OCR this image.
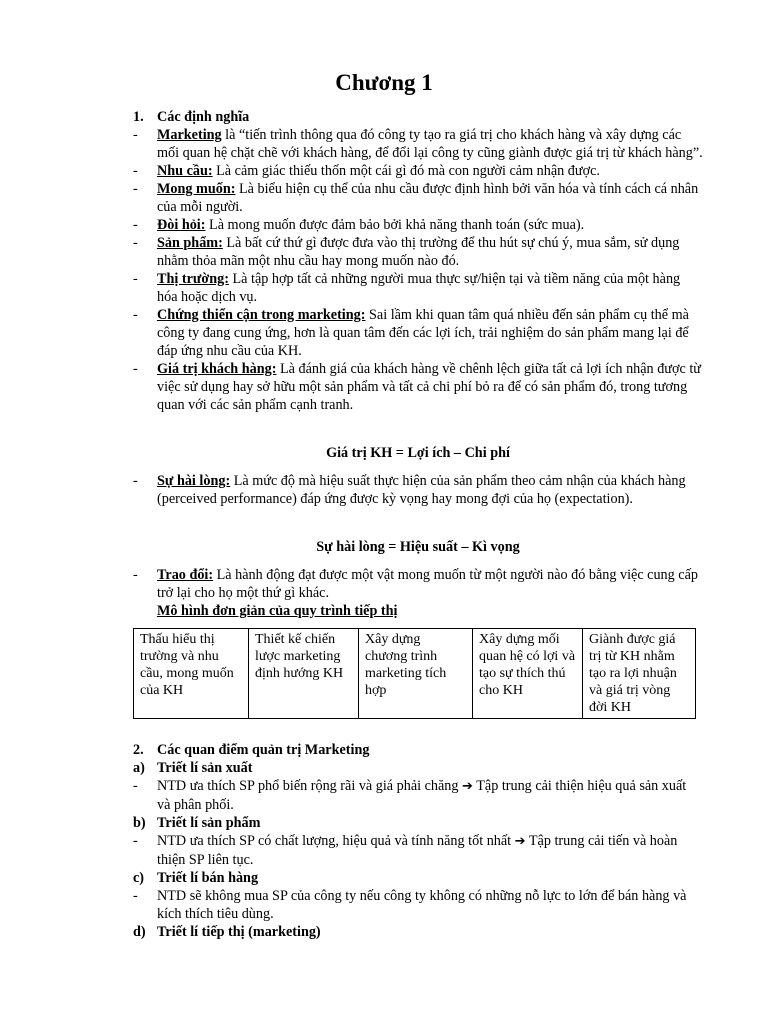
Chương 1
1. Các định nghĩa
- Marketing là “tiến trình thông qua đó công ty tạo ra giá trị cho khách hàng và xây dựng các mối quan hệ chặt chẽ với khách hàng, để đổi lại công ty cũng giành được giá trị từ khách hàng”.
- Nhu cầu: Là cảm giác thiếu thốn một cái gì đó mà con người cảm nhận được.
- Mong muốn: Là biểu hiện cụ thể của nhu cầu được định hình bởi văn hóa và tính cách cá nhân của mỗi người.
- Đòi hỏi: Là mong muốn được đảm bảo bởi khả năng thanh toán (sức mua).
- Sản phẩm: Là bất cứ thứ gì được đưa vào thị trường để thu hút sự chú ý, mua sắm, sử dụng nhằm thỏa mãn một nhu cầu hay mong muốn nào đó.
- Thị trường: Là tập hợp tất cả những người mua thực sự/hiện tại và tiềm năng của một hàng hóa hoặc dịch vụ.
- Chứng thiển cận trong marketing: Sai lầm khi quan tâm quá nhiều đến sản phẩm cụ thể mà công ty đang cung ứng, hơn là quan tâm đến các lợi ích, trải nghiệm do sản phẩm mang lại để đáp ứng nhu cầu của KH.
- Giá trị khách hàng: Là đánh giá của khách hàng về chênh lệch giữa tất cả lợi ích nhận được từ việc sử dụng hay sở hữu một sản phẩm và tất cả chi phí bỏ ra để có sản phẩm đó, trong tương quan với các sản phẩm cạnh tranh.
Giá trị KH = Lợi ích – Chi phí
- Sự hài lòng: Là mức độ mà hiệu suất thực hiện của sản phẩm theo cảm nhận của khách hàng (perceived performance) đáp ứng được kỳ vọng hay mong đợi của họ (expectation).
Sự hài lòng = Hiệu suất – Kì vọng
- Trao đổi: Là hành động đạt được một vật mong muốn từ một người nào đó bằng việc cung cấp trở lại cho họ một thứ gì khác.
Mô hình đơn giản của quy trình tiếp thị
Thấu hiểu thị trường và nhu cầu, mong muốn của KH	Thiết kế chiến lược marketing định hướng KH	Xây dựng chương trình marketing tích hợp	Xây dựng mối quan hệ có lợi và tạo sự thích thú cho KH	Giành được giá trị từ KH nhằm tạo ra lợi nhuận và giá trị vòng đời KH
2. Các quan điểm quản trị Marketing
a) Triết lí sản xuất
- NTD ưa thích SP phổ biến rộng rãi và giá phải chăng ➔ Tập trung cải thiện hiệu quả sản xuất và phân phối.
b) Triết lí sản phẩm
- NTD ưa thích SP có chất lượng, hiệu quả và tính năng tốt nhất ➔ Tập trung cải tiến và hoàn thiện SP liên tục.
c) Triết lí bán hàng
- NTD sẽ không mua SP của công ty nếu công ty không có những nỗ lực to lớn để bán hàng và kích thích tiêu dùng.
d) Triết lí tiếp thị (marketing)
